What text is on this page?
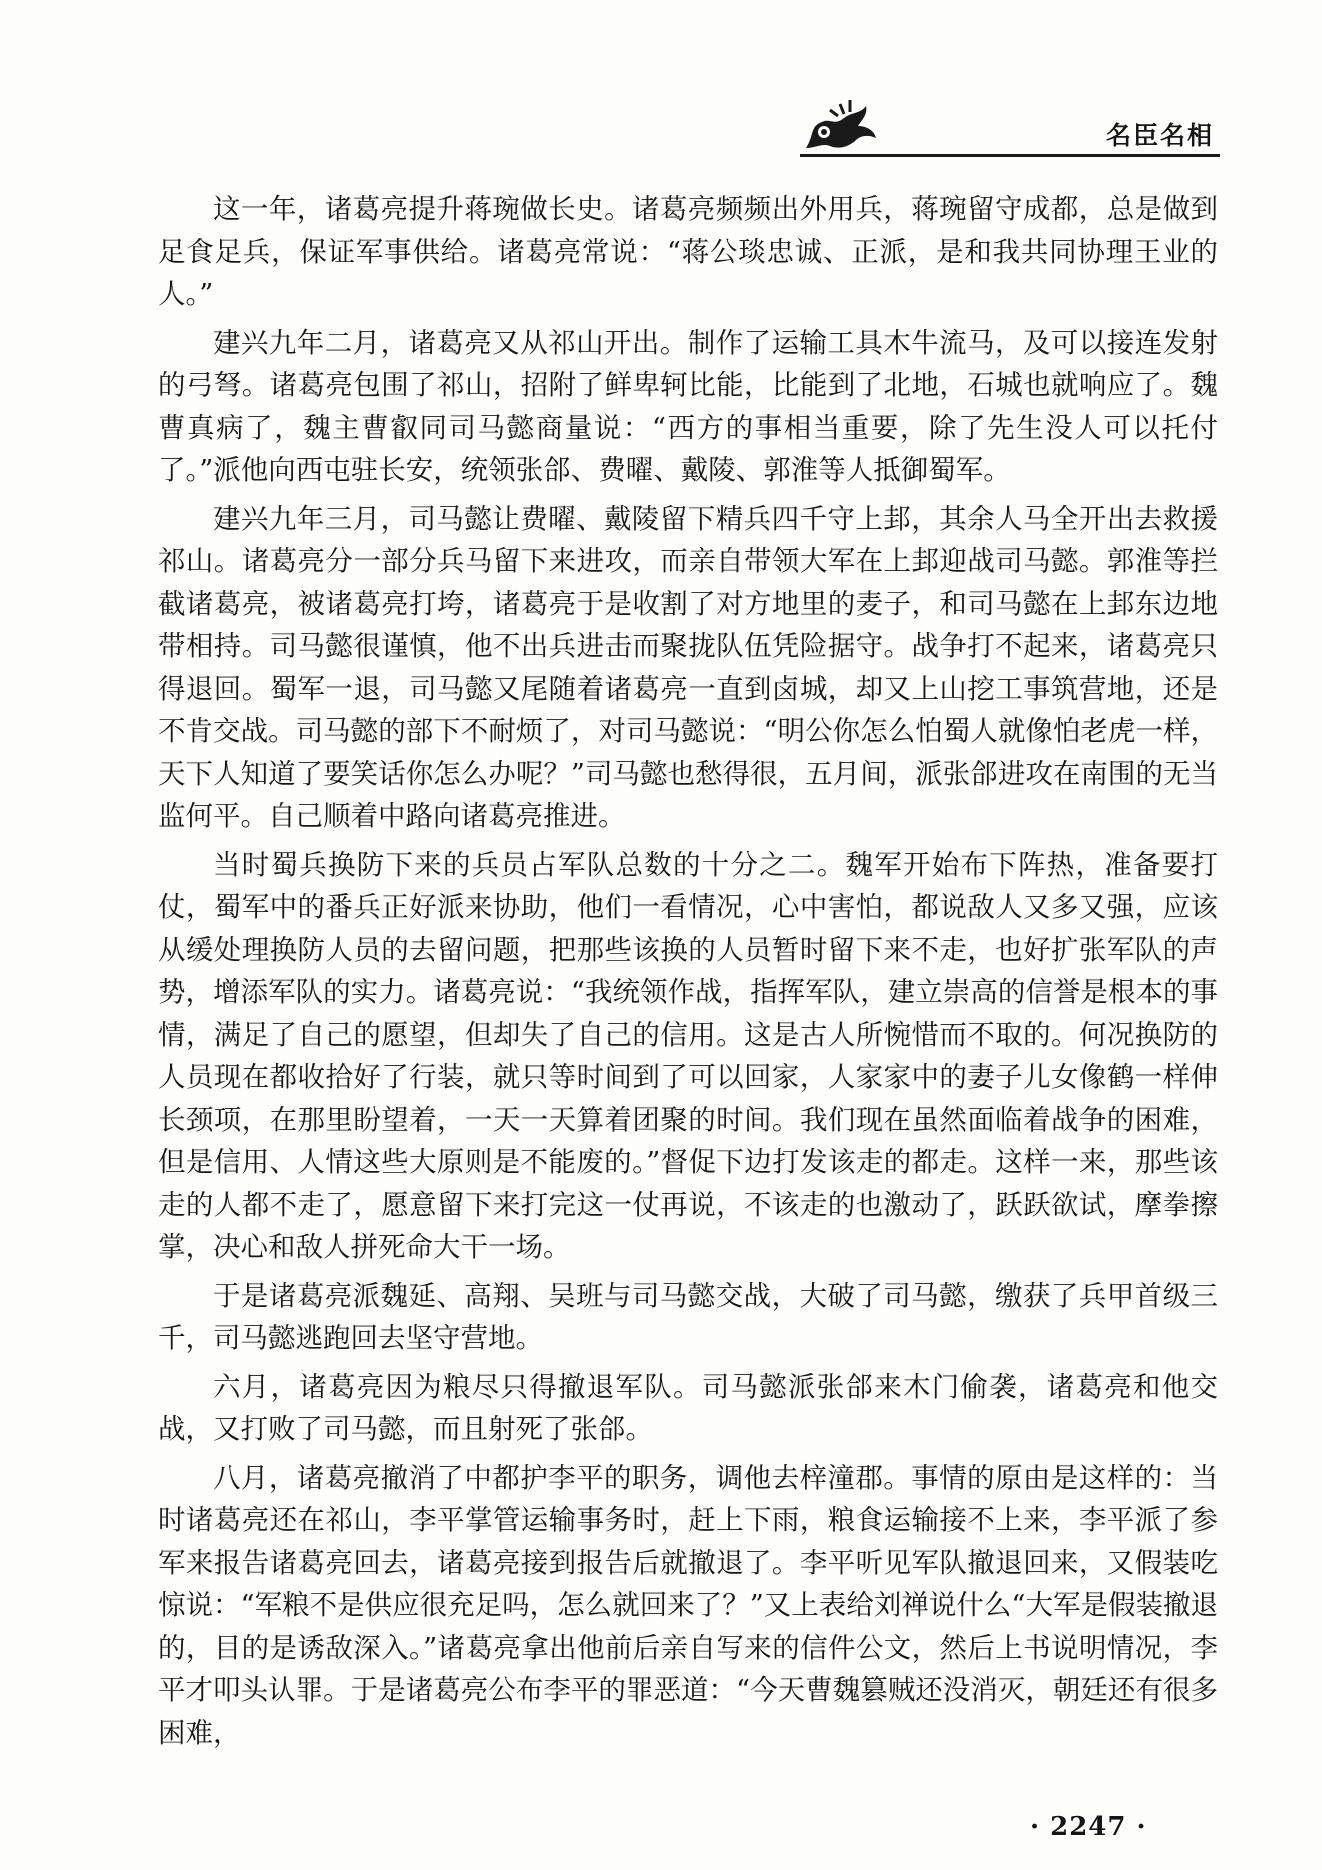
名臣名相

这一年，诸葛亮提升蒋琬做长史。诸葛亮频频出外用兵，蒋琬留守成都，总是做到足食足兵，保证军事供给。诸葛亮常说：“蒋公琰忠诚、正派，是和我共同协理王业的人。”

建兴九年二月，诸葛亮又从祁山开出。制作了运输工具木牛流马，及可以接连发射的弓弩。诸葛亮包围了祁山，招附了鲜卑轲比能，比能到了北地，石城也就响应了。魏曹真病了，魏主曹叡同司马懿商量说：“西方的事相当重要，除了先生没人可以托付了。”派他向西屯驻长安，统领张郃、费曜、戴陵、郭淮等人抵御蜀军。

建兴九年三月，司马懿让费曜、戴陵留下精兵四千守上邽，其余人马全开出去救援祁山。诸葛亮分一部分兵马留下来进攻，而亲自带领大军在上邽迎战司马懿。郭淮等拦截诸葛亮，被诸葛亮打垮，诸葛亮于是收割了对方地里的麦子，和司马懿在上邽东边地带相持。司马懿很谨慎，他不出兵进击而聚拢队伍凭险据守。战争打不起来，诸葛亮只得退回。蜀军一退，司马懿又尾随着诸葛亮一直到卤城，却又上山挖工事筑营地，还是不肯交战。司马懿的部下不耐烦了，对司马懿说：“明公你怎么怕蜀人就像怕老虎一样，天下人知道了要笑话你怎么办呢？”司马懿也愁得很，五月间，派张郃进攻在南围的无当监何平。自己顺着中路向诸葛亮推进。

当时蜀兵换防下来的兵员占军队总数的十分之二。魏军开始布下阵热，准备要打仗，蜀军中的番兵正好派来协助，他们一看情况，心中害怕，都说敌人又多又强，应该从缓处理换防人员的去留问题，把那些该换的人员暂时留下来不走，也好扩张军队的声势，增添军队的实力。诸葛亮说：“我统领作战，指挥军队，建立崇高的信誉是根本的事情，满足了自己的愿望，但却失了自己的信用。这是古人所惋惜而不取的。何况换防的人员现在都收拾好了行装，就只等时间到了可以回家，人家家中的妻子儿女像鹤一样伸长颈项，在那里盼望着，一天一天算着团聚的时间。我们现在虽然面临着战争的困难，但是信用、人情这些大原则是不能废的。”督促下边打发该走的都走。这样一来，那些该走的人都不走了，愿意留下来打完这一仗再说，不该走的也激动了，跃跃欲试，摩拳擦掌，决心和敌人拼死命大干一场。

于是诸葛亮派魏延、高翔、吴班与司马懿交战，大破了司马懿，缴获了兵甲首级三千，司马懿逃跑回去坚守营地。

六月，诸葛亮因为粮尽只得撤退军队。司马懿派张郃来木门偷袭，诸葛亮和他交战，又打败了司马懿，而且射死了张郃。

八月，诸葛亮撤消了中都护李平的职务，调他去梓潼郡。事情的原由是这样的：当时诸葛亮还在祁山，李平掌管运输事务时，赶上下雨，粮食运输接不上来，李平派了参军来报告诸葛亮回去，诸葛亮接到报告后就撤退了。李平听见军队撤退回来，又假装吃惊说：“军粮不是供应很充足吗，怎么就回来了？”又上表给刘禅说什么“大军是假装撤退的，目的是诱敌深入。”诸葛亮拿出他前后亲自写来的信件公文，然后上书说明情况，李平才叩头认罪。于是诸葛亮公布李平的罪恶道：“今天曹魏篡贼还没消灭，朝廷还有很多困难，

· 2247 ·
